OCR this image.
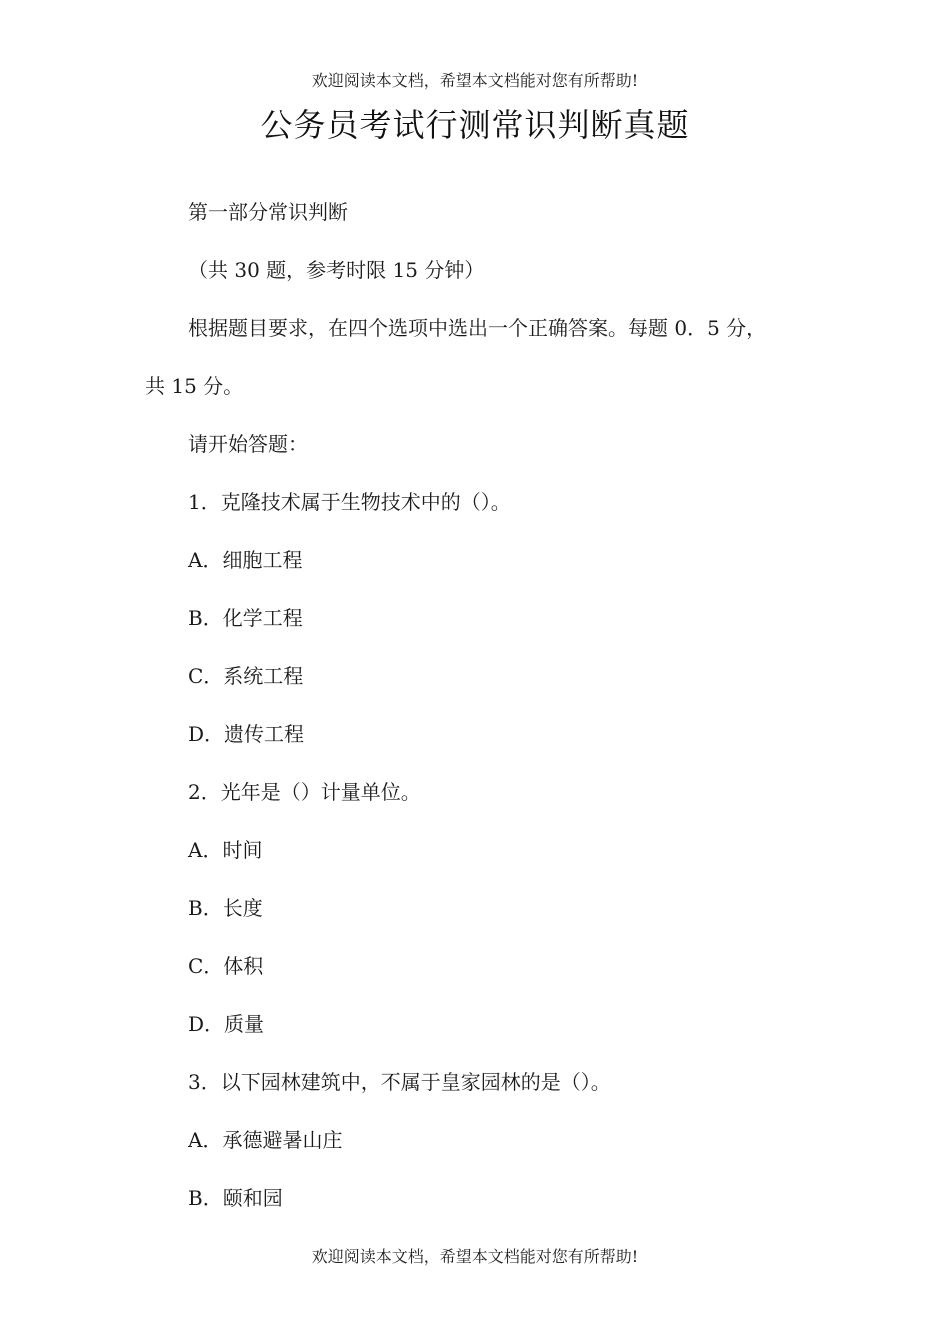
欢迎阅读本文档，希望本文档能对您有所帮助!
公务员考试行测常识判断真题
第一部分常识判断
（共 30 题，参考时限 15 分钟）
根据题目要求，在四个选项中选出一个正确答案。每题 0．5 分，
共 15 分。
请开始答题：
1．克隆技术属于生物技术中的（）。
A．细胞工程
B．化学工程
C．系统工程
D．遗传工程
2．光年是（）计量单位。
A．时间
B．长度
C．体积
D．质量
3．以下园林建筑中，不属于皇家园林的是（）。
A．承德避暑山庄
B．颐和园
欢迎阅读本文档，希望本文档能对您有所帮助!
